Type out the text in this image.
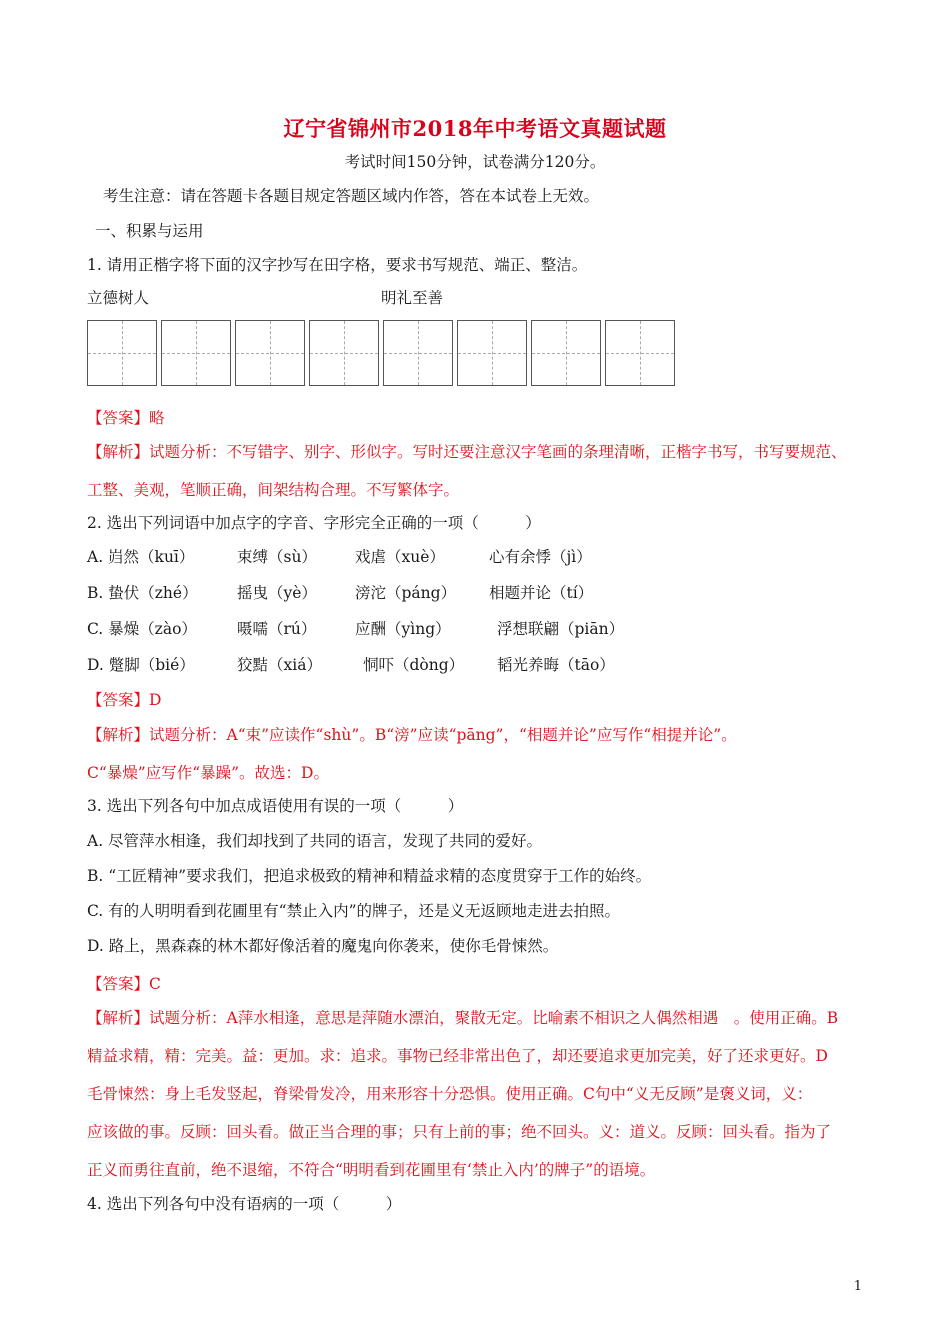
辽宁省锦州市2018年中考语文真题试题
考试时间150分钟，试卷满分120分。
考生注意：请在答题卡各题目规定答题区域内作答，答在本试卷上无效。
一、积累与运用
1. 请用正楷字将下面的汉字抄写在田字格，要求书写规范、端正、整洁。
立德树人	明礼至善
【答案】略
【解析】试题分析：不写错字、别字、形似字。写时还要注意汉字笔画的条理清晰，正楷字书写，书写要规范、
工整、美观，笔顺正确，间架结构合理。不写繁体字。
2. 选出下列词语中加点字的字音、字形完全正确的一项（　　　）
A. 岿然（kuī）	束缚（sù） 戏虐（xuè）	心有余悸（jì）
B. 蛰伏（zhé）	摇曳（yè） 滂沱（páng） 相题并论（tí）
C. 暴燥（zào）	嗫嚅（rú） 应酬（yìng）	浮想联翩（piān）
D. 蹩脚（bié）	狡黠（xiá）	恫吓（dòng） 韬光养晦（tāo）
【答案】D
【解析】试题分析：A“束”应读作“shù”。B“滂”应读“pāng”，“相题并论”应写作“相提并论”。
C“暴燥”应写作“暴躁”。故选：D。
3. 选出下列各句中加点成语使用有误的一项（　　　）
A. 尽管萍水相逢，我们却找到了共同的语言，发现了共同的爱好。
B. “工匠精神”要求我们，把追求极致的精神和精益求精的态度贯穿于工作的始终。
C. 有的人明明看到花圃里有“禁止入内”的牌子，还是义无返顾地走进去拍照。
D. 路上，黑森森的林木都好像活着的魔鬼向你袭来，使你毛骨悚然。
【答案】C
【解析】试题分析：A萍水相逢，意思是萍随水漂泊，聚散无定。比喻素不相识之人偶然相遇　。使用正确。B
精益求精，精：完美。益：更加。求：追求。事物已经非常出色了，却还要追求更加完美，好了还求更好。D
毛骨悚然：身上毛发竖起，脊梁骨发冷，用来形容十分恐惧。使用正确。C句中“义无反顾”是褒义词，义：
应该做的事。反顾：回头看。做正当合理的事；只有上前的事；绝不回头。义：道义。反顾：回头看。指为了
正义而勇往直前，绝不退缩，不符合“明明看到花圃里有‘禁止入内’的牌子”的语境。
4. 选出下列各句中没有语病的一项（　　　）
1
